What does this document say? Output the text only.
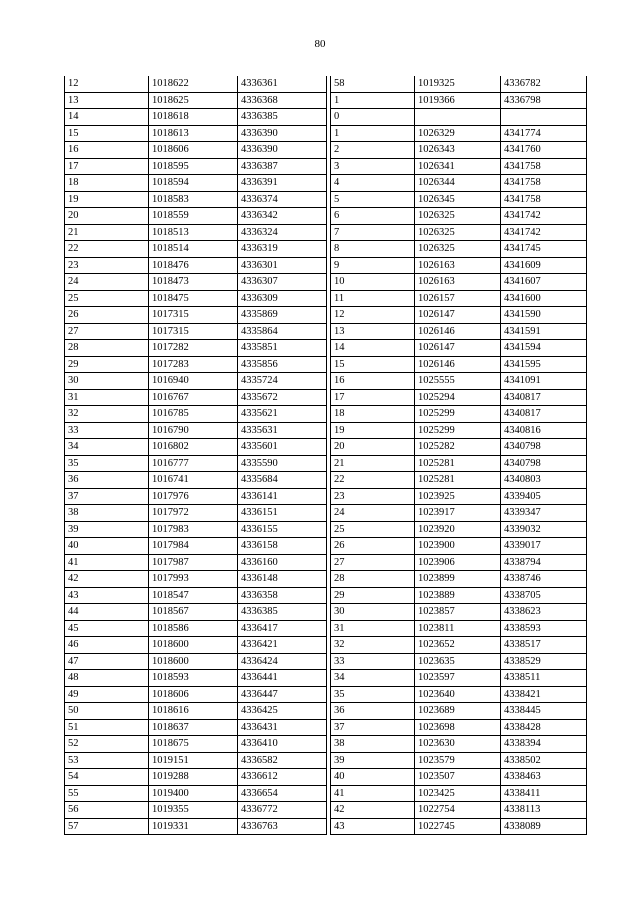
80
12	1018622	4336361
13	1018625	4336368
14	1018618	4336385
15	1018613	4336390
16	1018606	4336390
17	1018595	4336387
18	1018594	4336391
19	1018583	4336374
20	1018559	4336342
21	1018513	4336324
22	1018514	4336319
23	1018476	4336301
24	1018473	4336307
25	1018475	4336309
26	1017315	4335869
27	1017315	4335864
28	1017282	4335851
29	1017283	4335856
30	1016940	4335724
31	1016767	4335672
32	1016785	4335621
33	1016790	4335631
34	1016802	4335601
35	1016777	4335590
36	1016741	4335684
37	1017976	4336141
38	1017972	4336151
39	1017983	4336155
40	1017984	4336158
41	1017987	4336160
42	1017993	4336148
43	1018547	4336358
44	1018567	4336385
45	1018586	4336417
46	1018600	4336421
47	1018600	4336424
48	1018593	4336441
49	1018606	4336447
50	1018616	4336425
51	1018637	4336431
52	1018675	4336410
53	1019151	4336582
54	1019288	4336612
55	1019400	4336654
56	1019355	4336772
57	1019331	4336763
58	1019325	4336782
1	1019366	4336798
0		
1	1026329	4341774
2	1026343	4341760
3	1026341	4341758
4	1026344	4341758
5	1026345	4341758
6	1026325	4341742
7	1026325	4341742
8	1026325	4341745
9	1026163	4341609
10	1026163	4341607
11	1026157	4341600
12	1026147	4341590
13	1026146	4341591
14	1026147	4341594
15	1026146	4341595
16	1025555	4341091
17	1025294	4340817
18	1025299	4340817
19	1025299	4340816
20	1025282	4340798
21	1025281	4340798
22	1025281	4340803
23	1023925	4339405
24	1023917	4339347
25	1023920	4339032
26	1023900	4339017
27	1023906	4338794
28	1023899	4338746
29	1023889	4338705
30	1023857	4338623
31	1023811	4338593
32	1023652	4338517
33	1023635	4338529
34	1023597	4338511
35	1023640	4338421
36	1023689	4338445
37	1023698	4338428
38	1023630	4338394
39	1023579	4338502
40	1023507	4338463
41	1023425	4338411
42	1022754	4338113
43	1022745	4338089
